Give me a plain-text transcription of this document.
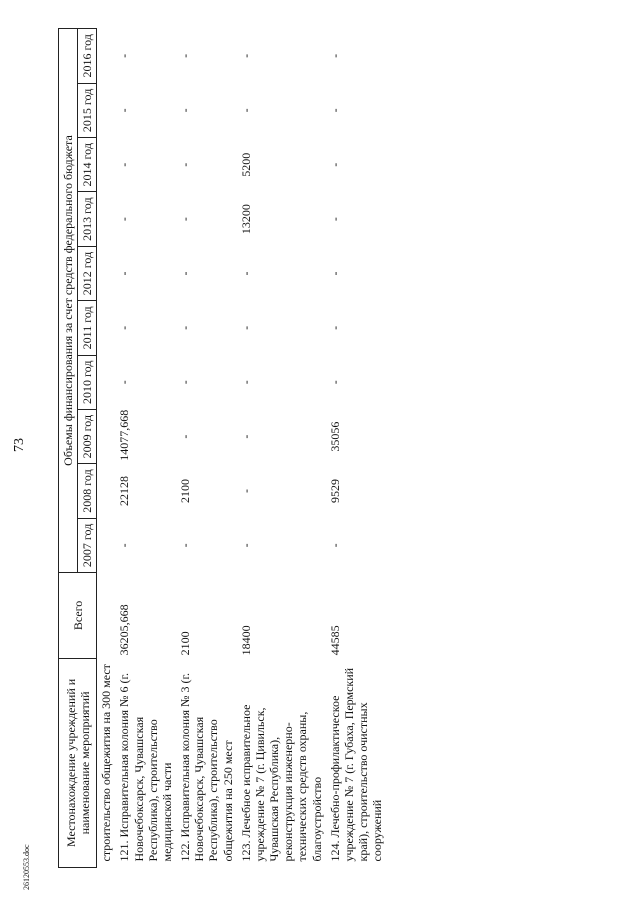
73
26120553.doc
Местонахождение учреждений и наименование мероприятий	Всего	Объемы финансирования за счет средств федерального бюджета									
		2007 год	2008 год	2009 год	2010 год	2011 год	2012 год	2013 год	2014 год	2015 год	2016 год
строительство общежития на 300 мест											
121. Исправительная колония № 6 (г. Новочебоксарск, Чувашская Республика), строительство медицинской части	36205,668	-	22128	14077,668	-	-	-	-	-	-	-
122. Исправительная колония № 3 (г. Новочебоксарск, Чувашская Республика), строительство общежития на 250 мест	2100	-	2100	-	-	-	-	-	-	-	-
123. Лечебное исправительное учреждение № 7 (г. Цивильск, Чувашская Республика), реконструкция инженерно-технических средств охраны, благоустройство	18400	-	-	-	-	-	-	13200	5200	-	-
124. Лечебно-профилактическое учреждение № 7 (г. Губаха, Пермский край), строительство очистных сооружений	44585	-	9529	35056	-	-	-	-	-	-	-
